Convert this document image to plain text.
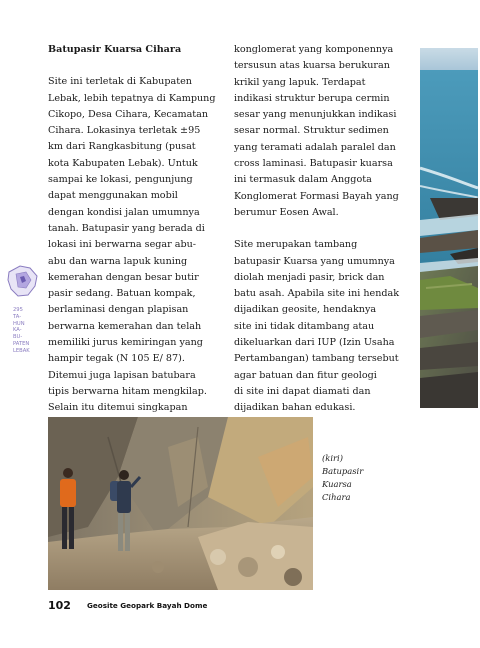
Batupasir Kuarsa Cihara

Site ini terletak di Kabupaten
Lebak, lebih tepatnya di Kampung
Cikopo, Desa Cihara, Kecamatan
Cihara. Lokasinya terletak ±95
km dari Rangkasbitung (pusat
kota Kabupaten Lebak). Untuk
sampai ke lokasi, pengunjung
dapat menggunakan mobil
dengan kondisi jalan umumnya
tanah. Batupasir yang berada di
lokasi ini berwarna segar abu-
abu dan warna lapuk kuning
kemerahan dengan besar butir
pasir sedang. Batuan kompak,
berlaminasi dengan plapisan
berwarna kemerahan dan telah
memiliki jurus kemiringan yang
hampir tegak (N 105 E/ 87).
Ditemui juga lapisan batubara
tipis berwarna hitam mengkilap.
Selain itu ditemui singkapan

konglomerat yang komponennya
tersusun atas kuarsa berukuran
krikil yang lapuk. Terdapat
indikasi struktur berupa cermin
sesar yang menunjukkan indikasi
sesar normal. Struktur sedimen
yang teramati adalah paralel dan
cross laminasi. Batupasir kuarsa
ini termasuk dalam Anggota
Konglomerat Formasi Bayah yang
berumur Eosen Awal.

Site merupakan tambang
batupasir Kuarsa yang umumnya
diolah menjadi pasir, brick dan
batu asah. Apabila site ini hendak
dijadikan geosite, hendaknya
site ini tidak ditambang atau
dikeluarkan dari IUP (Izin Usaha
Pertambangan) tambang tersebut
agar batuan dan fitur geologi
di site ini dapat diamati dan
dijadikan bahan edukasi.

(kiri)
Batupasir
Kuarsa
Cihara
295
TA-
HUN
KA-
BU-
PATEN
LEBAK
102 Geosite Geopark Bayah Dome
